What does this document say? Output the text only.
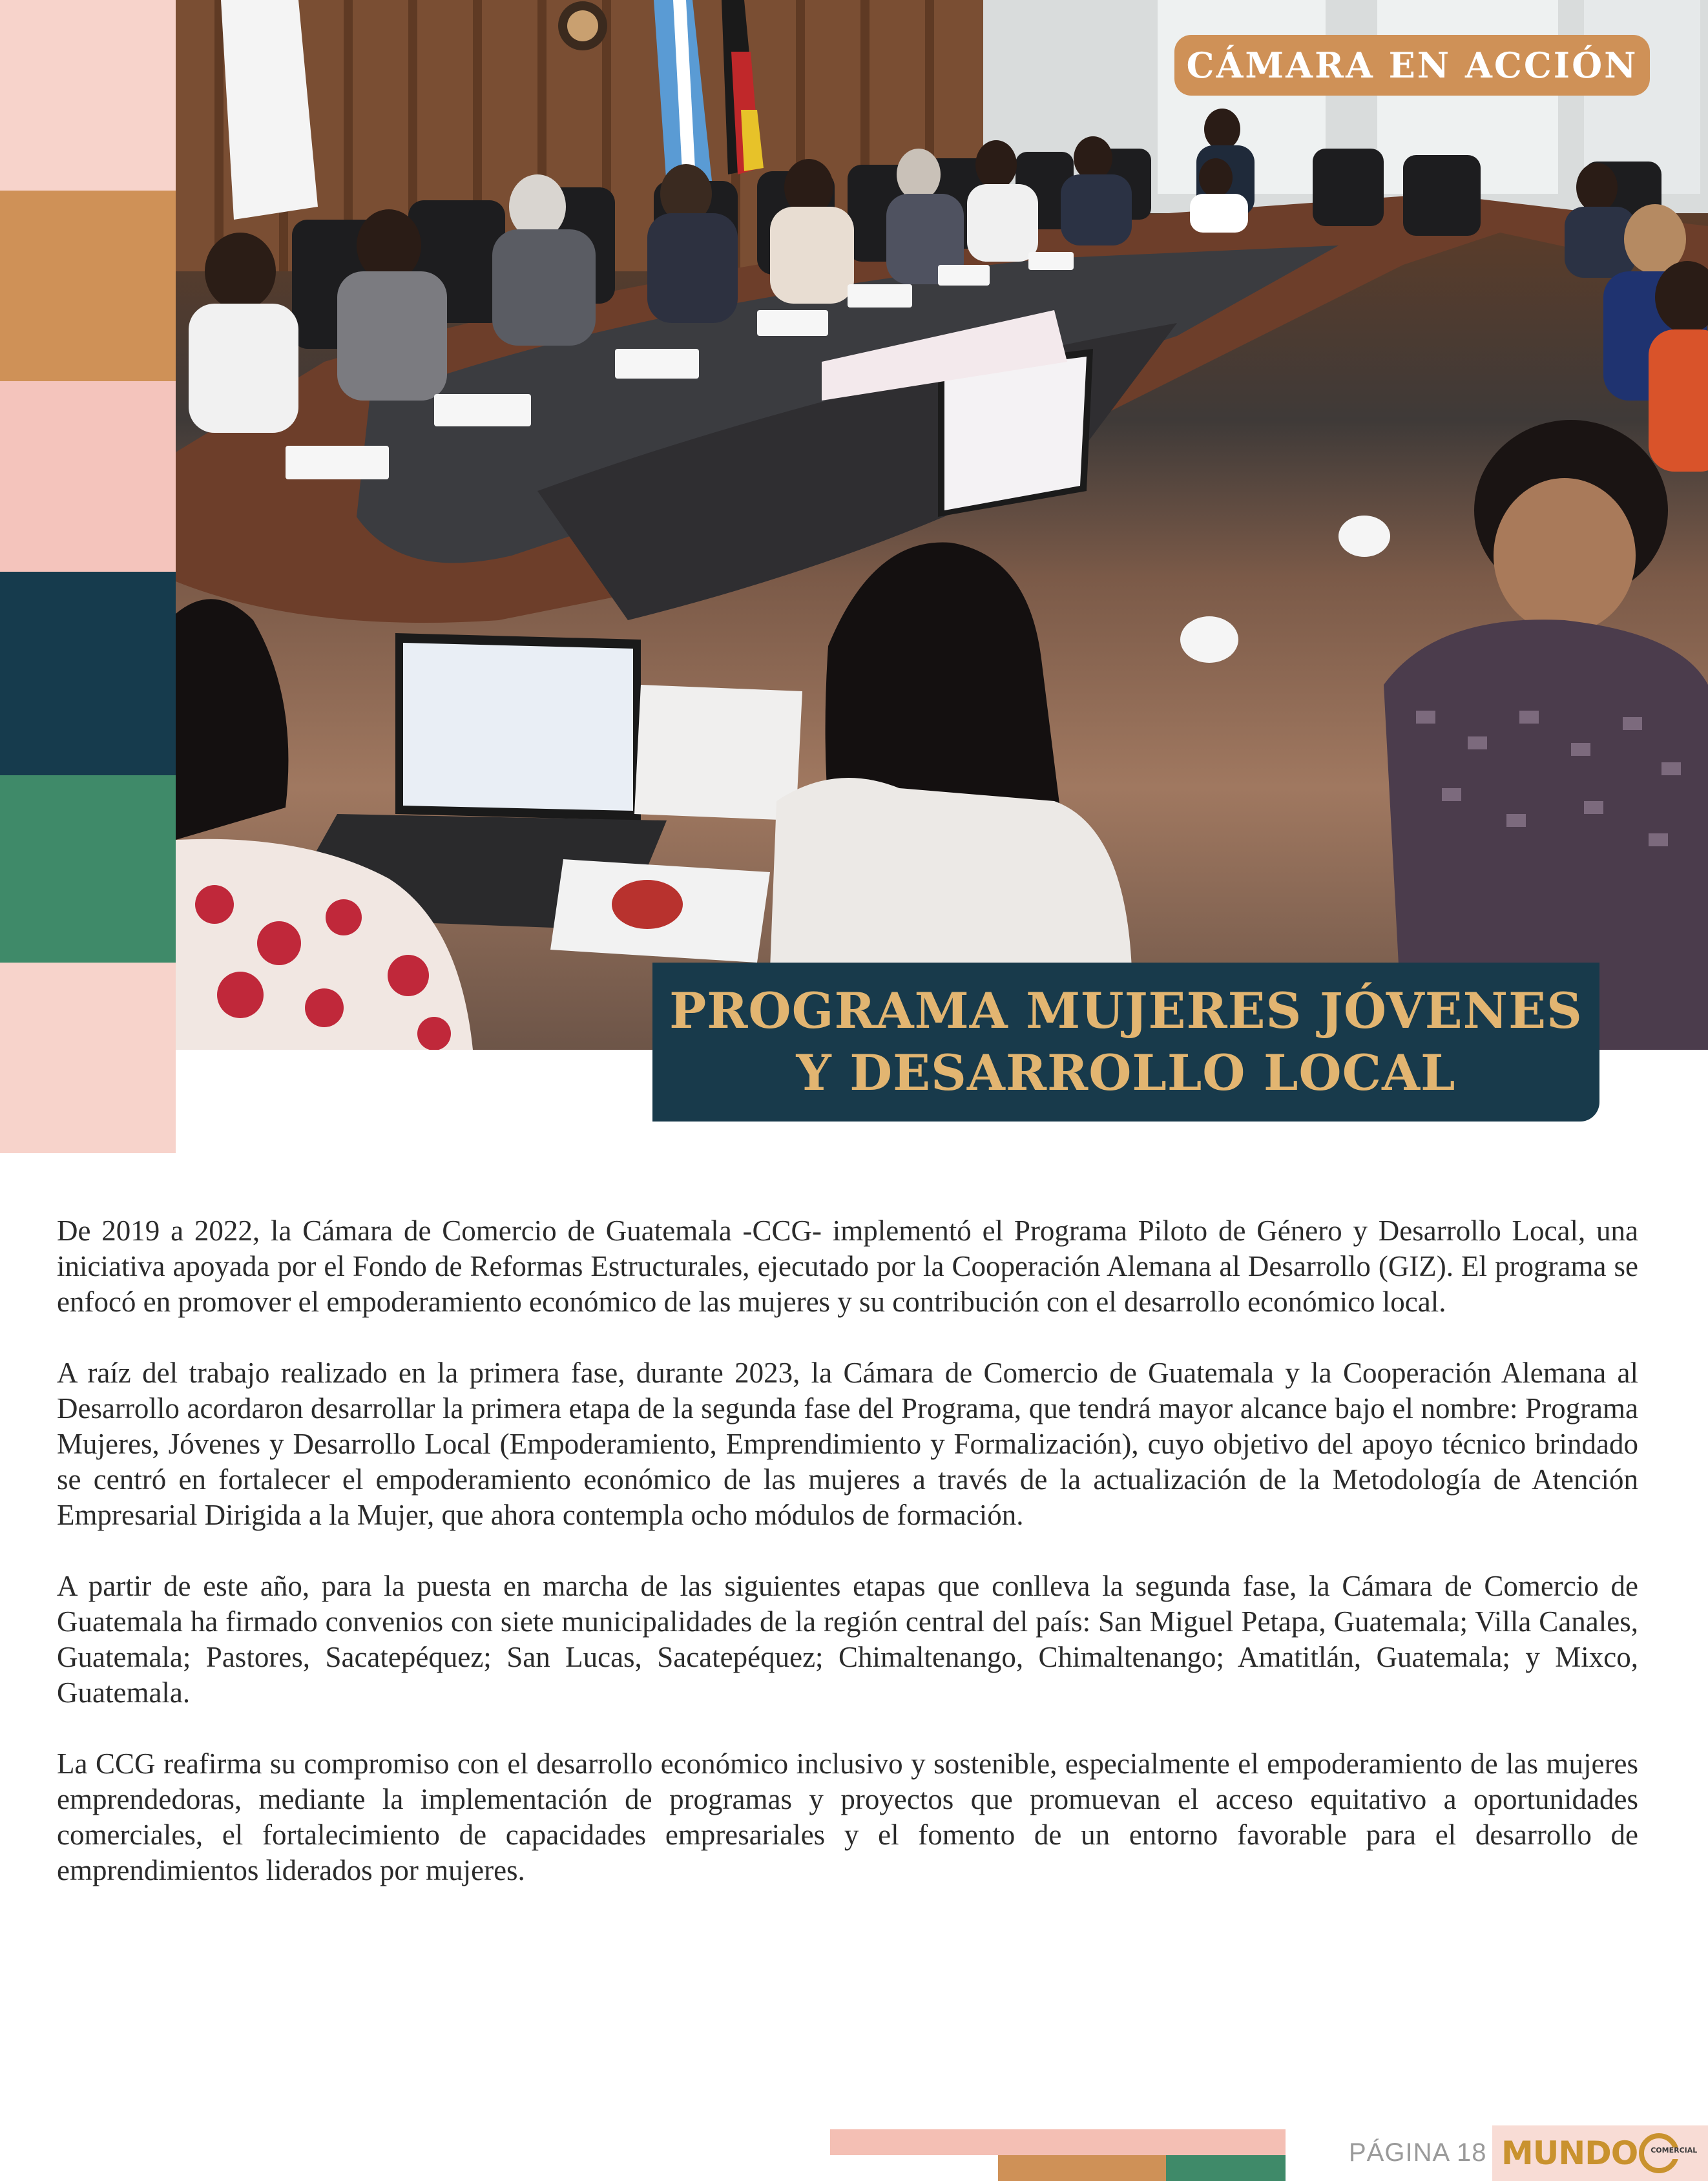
CÁMARA EN ACCIÓN
PROGRAMA MUJERES JÓVENES
Y DESARROLLO LOCAL

De 2019 a 2022, la Cámara de Comercio de Guatemala -CCG- implementó el Programa Piloto de Género y Desarrollo Local, una iniciativa apoyada por el Fondo de Reformas Estructurales, ejecutado por la Cooperación Alemana al Desarrollo (GIZ). El programa se enfocó en promover el empoderamiento económico de las mujeres y su contribución con el desarrollo económico local.

A raíz del trabajo realizado en la primera fase, durante 2023, la Cámara de Comercio de Guatemala y la Cooperación Alemana al Desarrollo acordaron desarrollar la primera etapa de la segunda fase del Programa, que tendrá mayor alcance bajo el nombre: Programa Mujeres, Jóvenes y Desarrollo Local (Empoderamiento, Emprendimiento y Formalización), cuyo objetivo del apoyo técnico brindado se centró en fortalecer el empoderamiento económico de las mujeres a través de la actualización de la Metodología de Atención Empresarial Dirigida a la Mujer, que ahora contempla ocho módulos de formación.

A partir de este año, para la puesta en marcha de las siguientes etapas que conlleva la segunda fase, la Cámara de Comercio de Guatemala ha firmado convenios con siete municipalidades de la región central del país: San Miguel Petapa, Guatemala; Villa Canales, Guatemala; Pastores, Sacatepéquez; San Lucas, Sacatepéquez; Chimaltenango, Chimaltenango; Amatitlán, Guatemala; y Mixco, Guatemala.

La CCG reafirma su compromiso con el desarrollo económico inclusivo y sostenible, especialmente el empoderamiento de las mujeres emprendedoras, mediante la implementación de programas y proyectos que promuevan el acceso equitativo a oportunidades comerciales, el fortalecimiento de capacidades empresariales y el fomento de un entorno favorable para el desarrollo de emprendimientos liderados por mujeres.

PÁGINA 18 MUNDO COMERCIAL
